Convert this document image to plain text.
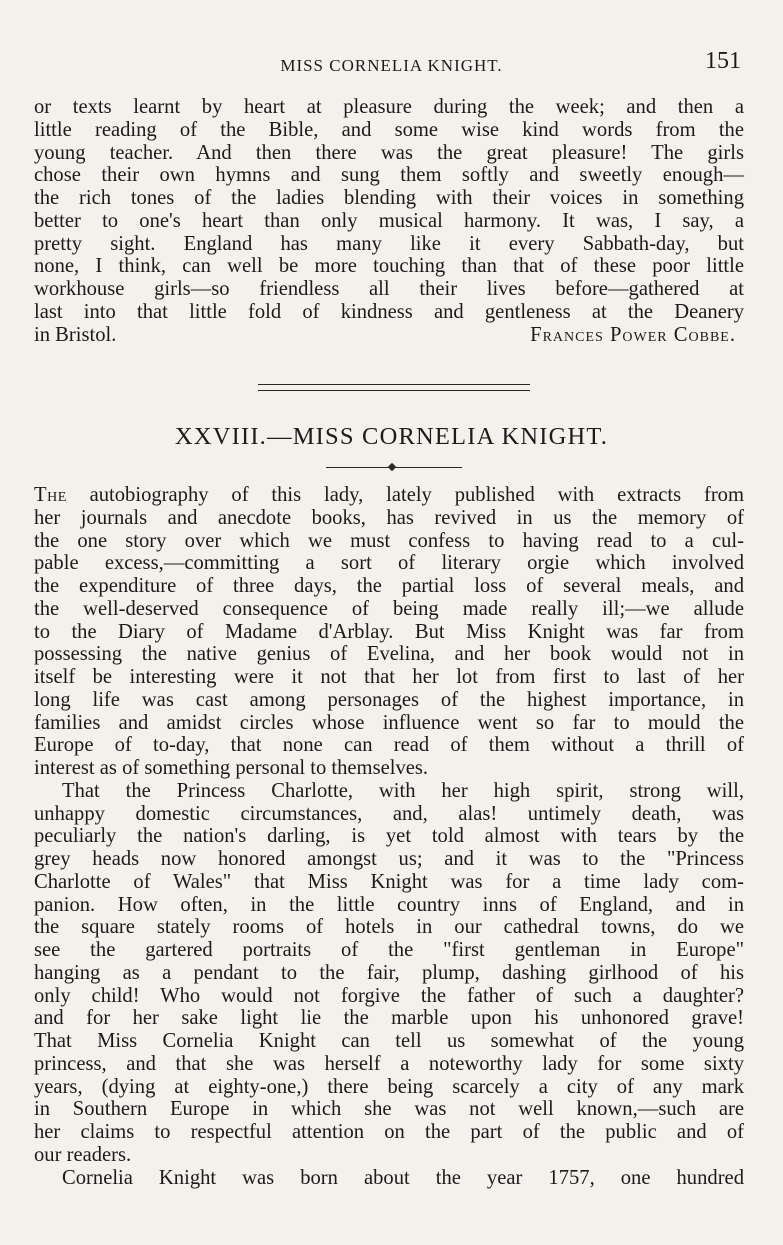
MISS CORNELIA KNIGHT.	151
or texts learnt by heart at pleasure during the week; and then a
little reading of the Bible, and some wise kind words from the
young teacher. And then there was the great pleasure! The girls
chose their own hymns and sung them softly and sweetly enough—
the rich tones of the ladies blending with their voices in something
better to one's heart than only musical harmony. It was, I say, a
pretty sight. England has many like it every Sabbath-day, but
none, I think, can well be more touching than that of these poor little
workhouse girls—so friendless all their lives before—gathered at
last into that little fold of kindness and gentleness at the Deanery
in Bristol.	Frances Power Cobbe.
XXVIII.—MISS CORNELIA KNIGHT.
The autobiography of this lady, lately published with extracts from
her journals and anecdote books, has revived in us the memory of
the one story over which we must confess to having read to a cul-
pable excess,—committing a sort of literary orgie which involved
the expenditure of three days, the partial loss of several meals, and
the well-deserved consequence of being made really ill;—we allude
to the Diary of Madame d'Arblay. But Miss Knight was far from
possessing the native genius of Evelina, and her book would not in
itself be interesting were it not that her lot from first to last of her
long life was cast among personages of the highest importance, in
families and amidst circles whose influence went so far to mould the
Europe of to-day, that none can read of them without a thrill of
interest as of something personal to themselves.
That the Princess Charlotte, with her high spirit, strong will,
unhappy domestic circumstances, and, alas! untimely death, was
peculiarly the nation's darling, is yet told almost with tears by the
grey heads now honored amongst us; and it was to the "Princess
Charlotte of Wales" that Miss Knight was for a time lady com-
panion. How often, in the little country inns of England, and in
the square stately rooms of hotels in our cathedral towns, do we
see the gartered portraits of the "first gentleman in Europe"
hanging as a pendant to the fair, plump, dashing girlhood of his
only child! Who would not forgive the father of such a daughter?
and for her sake light lie the marble upon his unhonored grave!
That Miss Cornelia Knight can tell us somewhat of the young
princess, and that she was herself a noteworthy lady for some sixty
years, (dying at eighty-one,) there being scarcely a city of any mark
in Southern Europe in which she was not well known,—such are
her claims to respectful attention on the part of the public and of
our readers.
Cornelia Knight was born about the year 1757, one hundred
